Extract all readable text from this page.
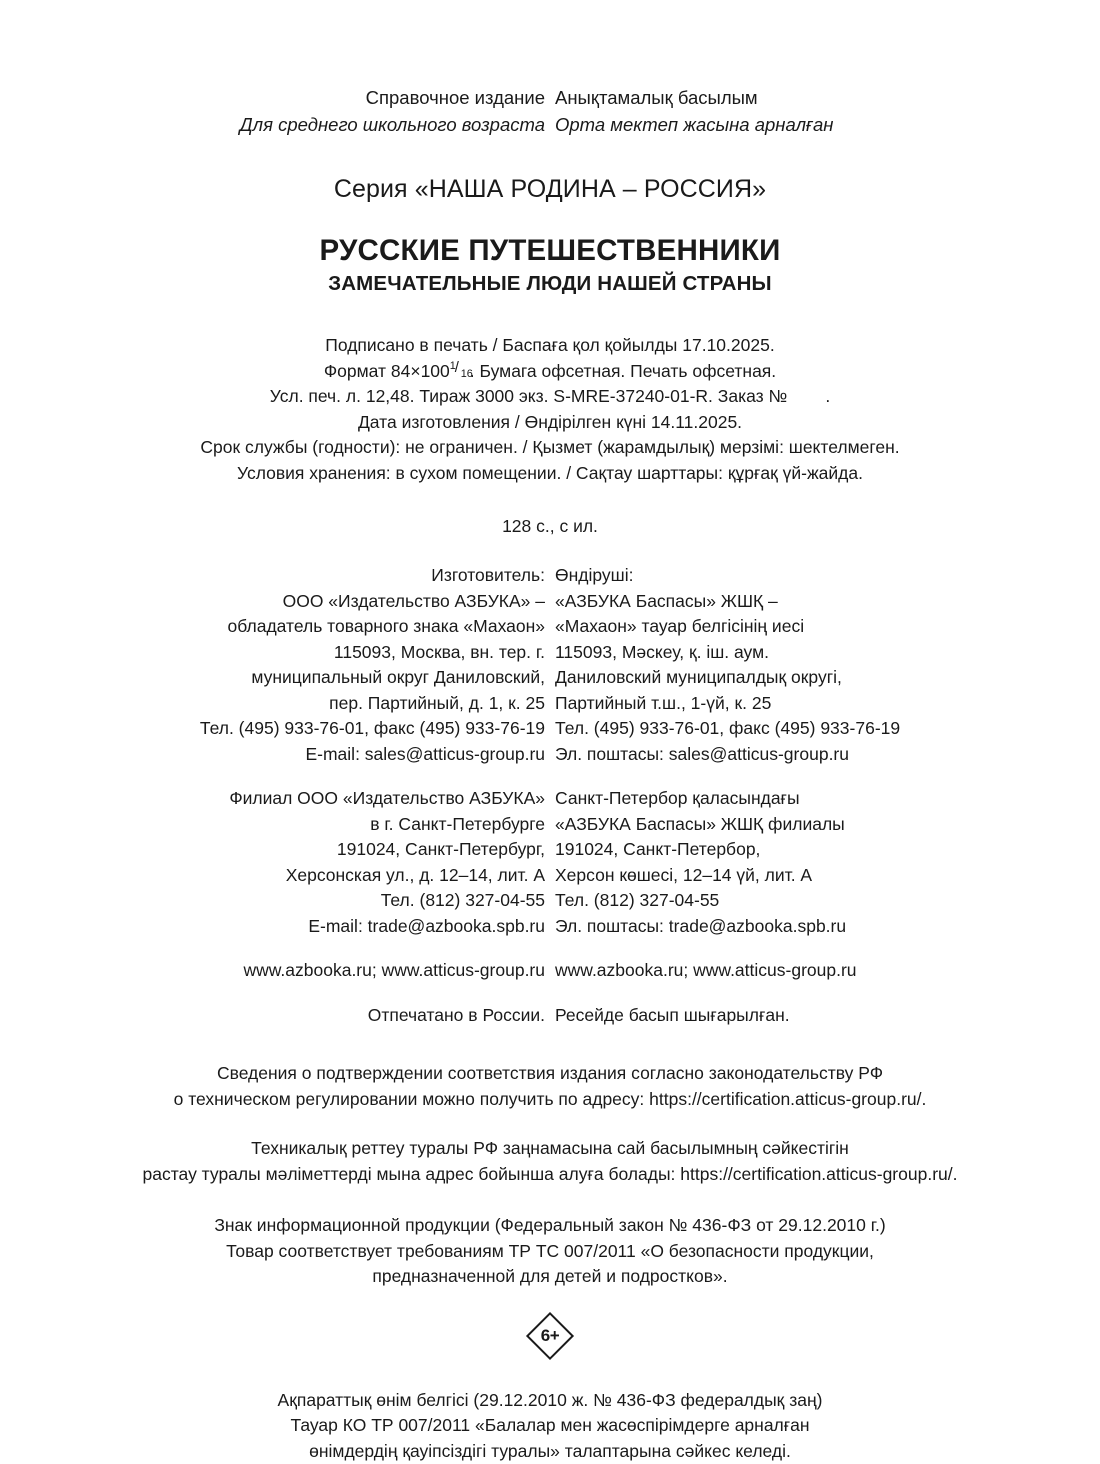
Справочное издание Анықтамалық басылым
Для среднего школьного возраста Орта мектеп жасына арналған
Серия «НАША РОДИНА – РОССИЯ»
РУССКИЕ ПУТЕШЕСТВЕННИКИ
ЗАМЕЧАТЕЛЬНЫЕ ЛЮДИ НАШЕЙ СТРАНЫ
Подписано в печать / Баспаға қол қойылды 17.10.2025.
Формат 84×100 1
/ 16
. Бумага офсетная. Печать офсетная.
Усл. печ. л. 12,48. Тираж 3000 экз. S-MRE-37240-01-R. Заказ № .
Дата изготовления / Өндірілген күні 14.11.2025.
Срок службы (годности): не ограничен. / Қызмет (жарамдылық) мерзімі: шектелмеген.
Условия хранения: в сухом помещении. / Сақтау шарттары: құрғақ үй-жайда.
128 с., с ил.
Изготовитель: Өндіруші:
ООО «Издательство АЗБУКА» – «АЗБУКА Баспасы» ЖШҚ –
обладатель товарного знака «Махаон» «Махаон» тауар белгісінің иесі
115093, Москва, вн. тер. г. 115093, Мәскеу, қ. іш. аум.
муниципальный округ Даниловский, Даниловский муниципалдық округі,
пер. Партийный, д. 1, к. 25 Партийный т.ш., 1-үй, к. 25
Тел. (495) 933-76-01, факс (495) 933-76-19 Тел. (495) 933-76-01, факс (495) 933-76-19
E-mail: sales@atticus-group.ru Эл. поштасы: sales@atticus-group.ru
Филиал ООО «Издательство АЗБУКА» Санкт-Петербор қаласындағы
в г. Санкт-Петербурге «АЗБУКА Баспасы» ЖШҚ филиалы
191024, Санкт-Петербург, 191024, Санкт-Петербор,
Херсонская ул., д. 12–14, лит. А Херсон көшесі, 12–14 үй, лит. А
Тел. (812) 327-04-55 Тел. (812) 327-04-55
E-mail: trade@azbooka.spb.ru Эл. поштасы: trade@azbooka.spb.ru
www.azbooka.ru; www.atticus-group.ru www.azbooka.ru; www.atticus-group.ru
Отпечатано в России. Ресейде басып шығарылған.
Сведения о подтверждении соответствия издания согласно законодательству РФ
о техническом регулировании можно получить по адресу: https://certification.atticus-group.ru/.
Техникалық реттеу туралы РФ заңнамасына сай басылымның сәйкестігін
растау туралы мәліметтерді мына адрес бойынша алуға болады: https://certification.atticus-group.ru/.
Знак информационной продукции (Федеральный закон № 436-ФЗ от 29.12.2010 г.)
Товар соответствует требованиям ТР ТС 007/2011 «О безопасности продукции,
предназначенной для детей и подростков».
6+
Ақпараттық өнім белгісі (29.12.2010 ж. № 436-ФЗ федералдық заң)
Тауар КО ТР 007/2011 «Балалар мен жасөспірімдерге арналған
өнімдердің қауіпсіздігі туралы» талаптарына сәйкес келеді.
